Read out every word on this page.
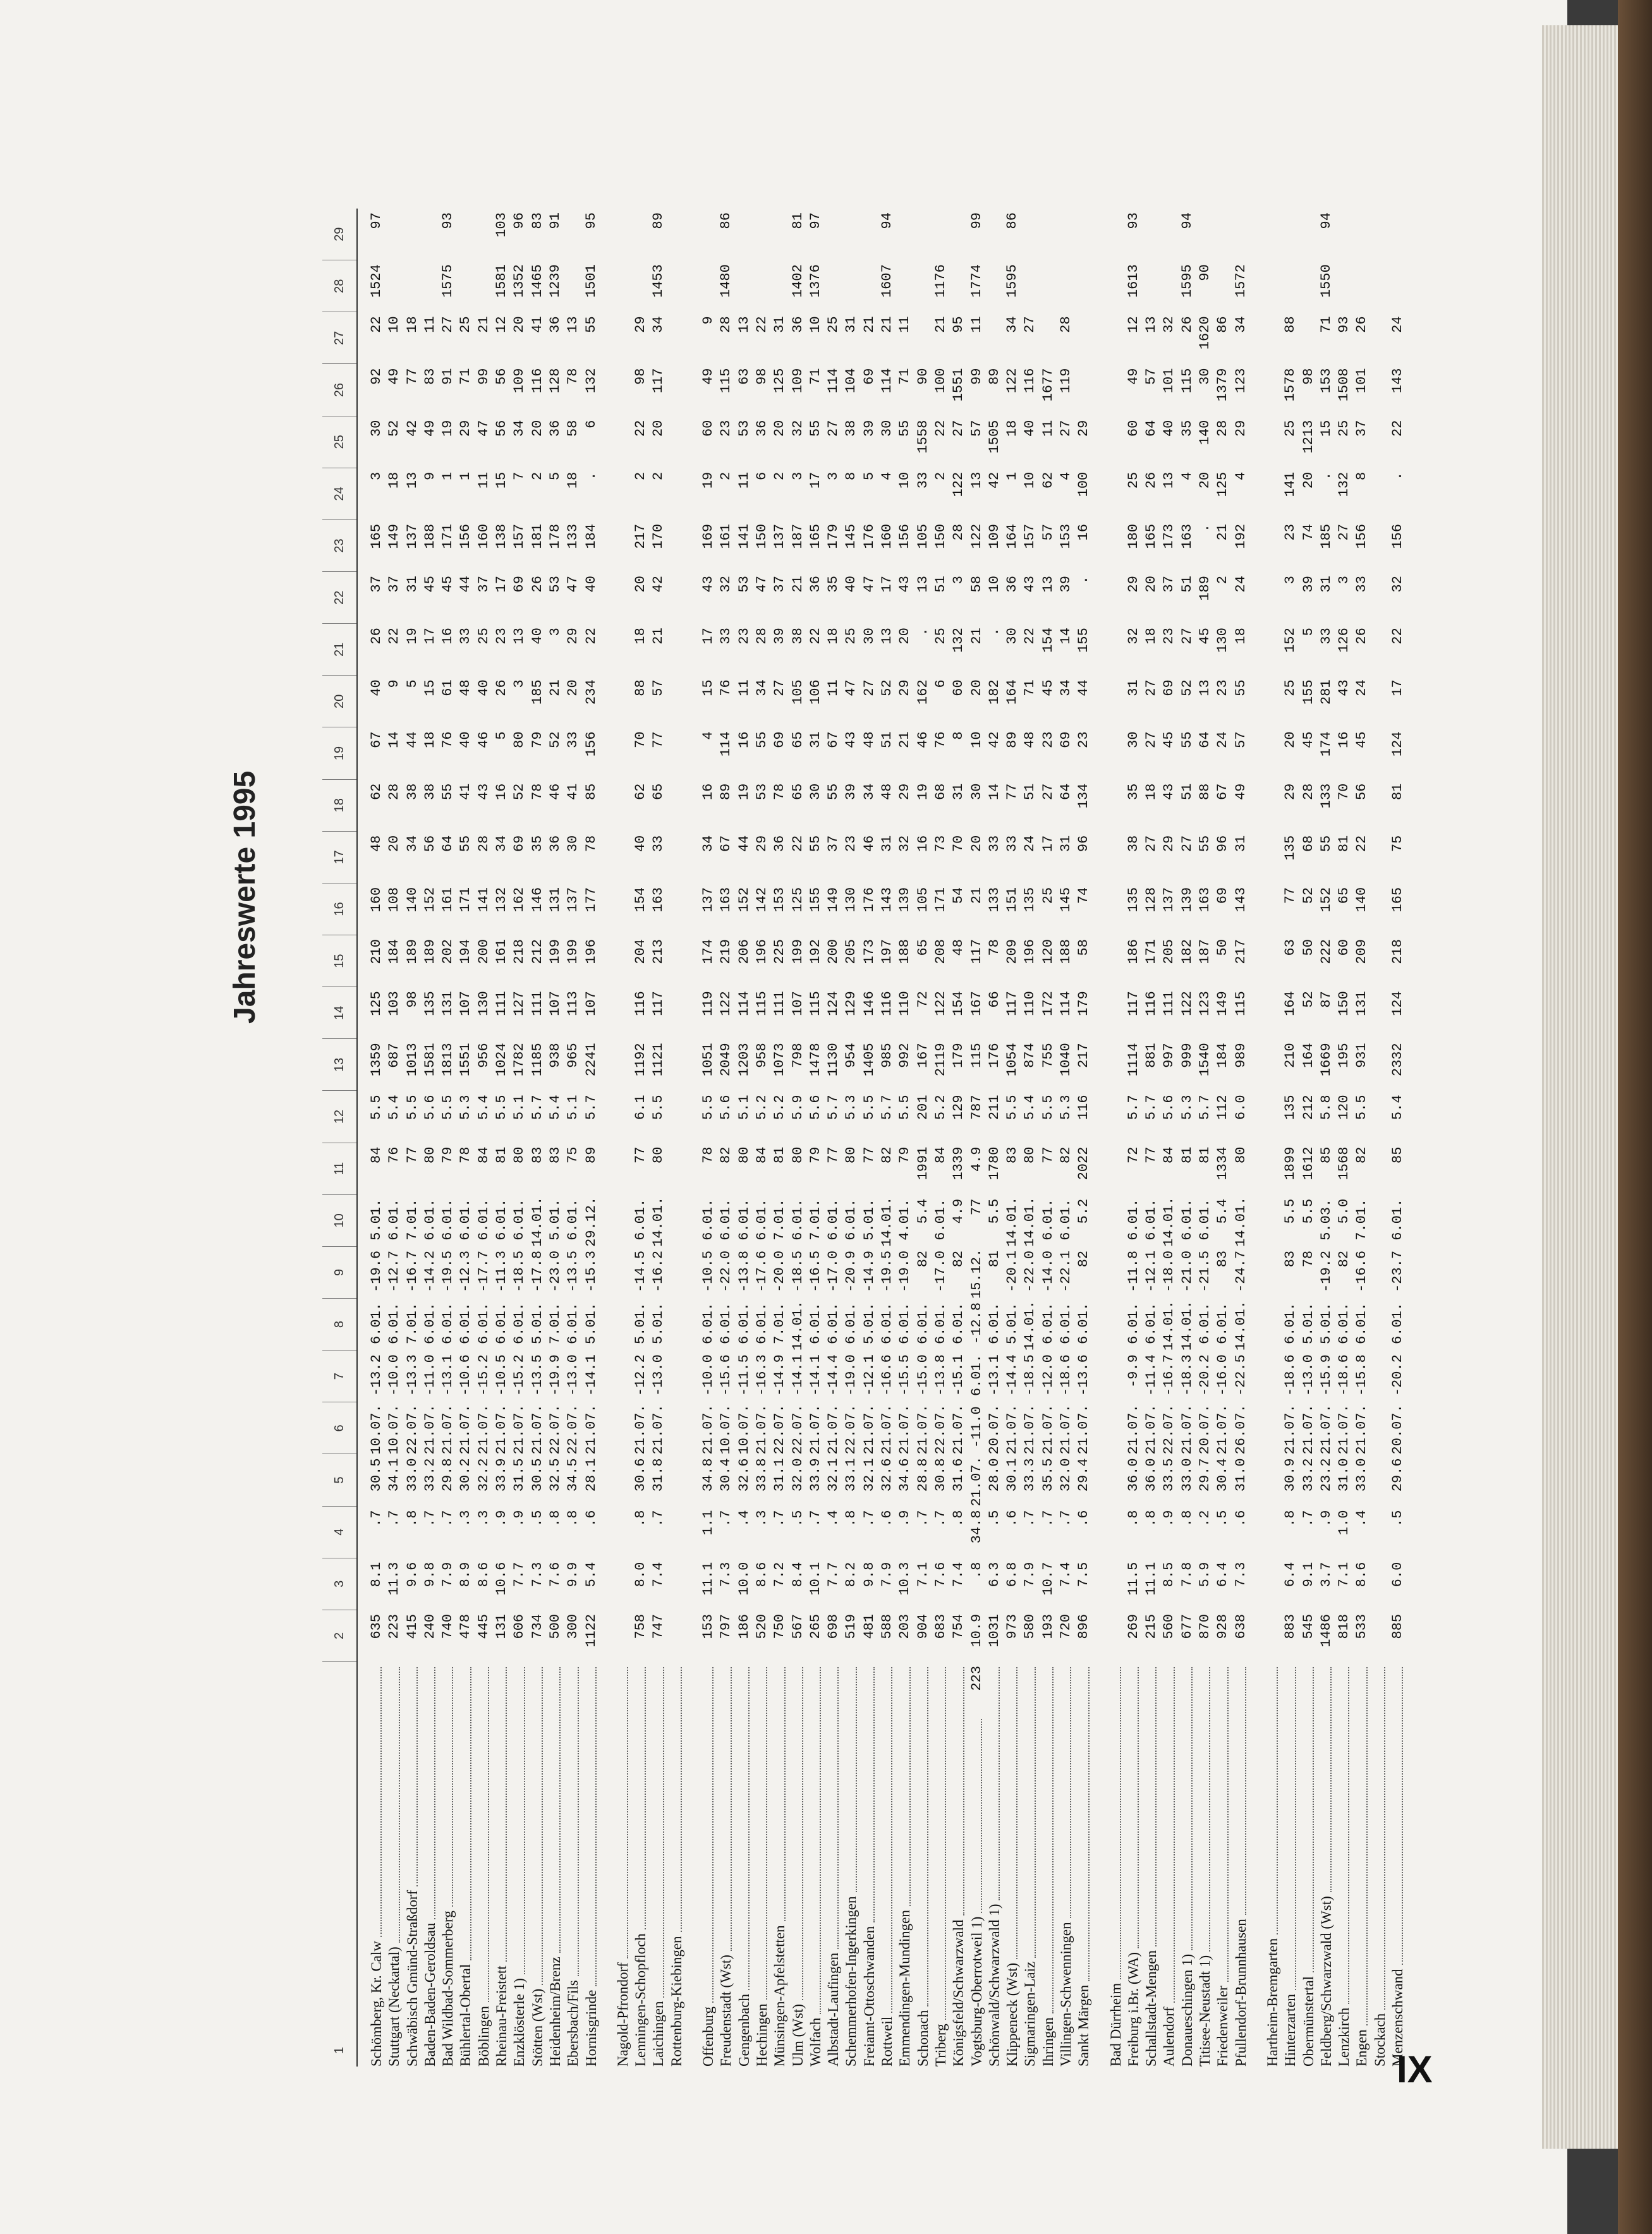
Jahreswerte 1995
1
2
3
4
5
6
7
8
9
10
11
12
13
14
15
16
17
18
19
20
21
22
23
24
25
26
27
28
29
Schömberg, Kr. Calw
635
8.1
.7
30.5
10.07.
-13.2
6.01.
-19.6
5.01.
84
5.5
1359
125
210
160
48
62
67
40
26
37
165
3
30
92
22
1524
97
Stuttgart (Neckartal)
223
11.3
.7
34.1
10.07.
-10.0
6.01.
-12.7
6.01.
76
5.4
687
103
184
108
20
28
14
9
22
37
149
18
52
49
10
Schwäbisch Gmünd-Straßdorf
415
9.6
.8
33.0
22.07.
-13.3
7.01.
-16.7
7.01.
77
5.5
1013
98
189
140
34
38
44
5
19
31
137
13
42
77
18
Baden-Baden-Geroldsau
240
9.8
.7
33.2
21.07.
-11.0
6.01.
-14.2
6.01.
80
5.6
1581
135
189
152
56
38
18
15
17
45
188
9
49
83
11
Bad Wildbad-Sommerberg
740
7.9
.7
29.8
21.07.
-13.1
6.01.
-19.5
6.01.
79
5.5
1813
131
202
161
64
55
76
61
16
45
171
1
19
91
27
1575
93
Bühlertal-Obertal
478
8.9
.3
30.2
21.07.
-10.6
6.01.
-12.3
6.01.
78
5.3
1551
107
194
171
55
41
40
48
33
44
156
1
29
71
25
Böblingen
445
8.6
.3
32.2
21.07.
-15.2
6.01.
-17.7
6.01.
84
5.4
956
130
200
141
28
43
46
40
25
37
160
11
47
99
21
Rheinau-Freistett
131
10.6
.9
33.9
21.07.
-10.5
6.01.
-11.3
6.01.
81
5.5
1024
111
161
132
34
16
5
26
23
17
138
15
56
56
12
1581
103
Enzklösterle 1)
606
7.7
.9
31.5
21.07.
-15.2
6.01.
-18.5
6.01.
80
5.1
1782
127
218
162
69
52
80
3
13
69
157
7
34
109
20
1352
96
Stötten (Wst)
734
7.3
.5
30.5
21.07.
-13.5
5.01.
-17.8
14.01.
83
5.7
1185
111
212
146
35
78
79
185
40
26
181
2
20
116
41
1465
83
Heidenheim/Brenz
500
7.6
.8
32.5
22.07.
-19.9
7.01.
-23.0
5.01.
83
5.4
938
107
199
131
36
46
52
21
3
53
178
5
36
128
36
1239
91
Ebersbach/Fils
300
9.9
.8
34.5
22.07.
-13.0
6.01.
-13.5
6.01.
75
5.1
965
113
199
137
30
41
33
20
29
47
133
18
58
78
13
Hornisgrinde
1122
5.4
.6
28.1
21.07.
-14.1
5.01.
-15.3
29.12.
89
5.7
2241
107
196
177
78
85
156
234
22
40
184
.
6
132
55
1501
95
Nagold-Pfrondorf Lenningen-Schopfloch
758
8.0
.8
30.6
21.07.
-12.2
5.01.
-14.5
6.01.
77
6.1
1192
116
204
154
40
62
70
88
18
20
217
2
22
98
29
Laichingen
747
7.4
.7
31.8
21.07.
-13.0
5.01.
-16.2
14.01.
80
5.5
1121
117
213
163
33
65
77
57
21
42
170
2
20
117
34
1453
89
Rottenburg-Kiebingen Offenburg
153
11.1
1.1
34.8
21.07.
-10.0
6.01.
-10.5
6.01.
78
5.5
1051
119
174
137
34
16
4
15
17
43
169
19
60
49
9
Freudenstadt (Wst)
797
7.3
.7
30.4
10.07.
-15.6
6.01.
-22.0
6.01.
82
5.6
2049
122
219
163
67
89
114
76
33
32
161
2
23
115
28
1480
86
Gengenbach
186
10.0
.4
32.6
10.07.
-11.5
6.01.
-13.8
6.01.
80
5.1
1203
114
206
152
44
19
16
11
23
53
141
11
53
63
13
Hechingen
520
8.6
.3
33.8
21.07.
-16.3
6.01.
-17.6
6.01.
84
5.2
958
115
196
142
29
53
55
34
28
47
150
6
36
98
22
Münsingen-Apfelstetten
750
7.2
.7
31.1
22.07.
-14.9
7.01.
-20.0
7.01.
81
5.2
1073
111
225
153
36
78
69
27
39
37
137
2
20
125
31
Ulm (Wst)
567
8.4
.5
32.0
22.07.
-14.1
14.01.
-18.5
6.01.
80
5.9
798
107
199
125
22
65
65
105
38
21
187
3
32
109
36
1402
81
Wolfach
265
10.1
.7
33.9
21.07.
-14.1
6.01.
-16.5
7.01.
79
5.6
1478
115
192
155
55
30
31
106
22
36
165
17
55
71
10
1376
97
Albstadt-Laufingen
698
7.7
.4
32.1
21.07.
-14.4
6.01.
-17.0
6.01.
77
5.7
1130
124
200
149
37
55
67
11
18
35
179
3
27
114
25
Schemmerhofen-Ingerkingen
519
8.2
.8
33.1
22.07.
-19.0
6.01.
-20.9
6.01.
80
5.3
954
129
205
130
23
39
43
47
25
40
145
8
38
104
31
Freiamt-Ottoschwanden
481
9.8
.7
32.1
21.07.
-12.1
5.01.
-14.9
5.01.
77
5.5
1405
146
173
176
46
34
48
27
30
47
176
5
39
69
21
Rottweil
588
7.9
.6
32.6
21.07.
-16.6
6.01.
-19.5
14.01.
82
5.7
985
116
197
143
31
48
51
52
13
17
160
4
30
114
21
1607
94
Emmendingen-Mundingen
203
10.3
.9
34.6
21.07.
-15.5
6.01.
-19.0
4.01.
79
5.5
992
110
188
139
32
29
21
29
20
43
156
10
55
71
11
Schonach
904
7.1
.7
28.8
21.07.
-15.0
6.01.
82
5.4
1991
201
167
72
65
105
16
19
46
162
.
13
105
33
1558
90
Triberg
683
7.6
.7
30.8
22.07.
-13.8
6.01.
-17.0
6.01.
84
5.2
2119
122
208
171
73
68
76
6
25
51
150
2
22
100
21
1176
Königsfeld/Schwarzwald
754
7.4
.8
31.6
21.07.
-15.1
6.01.
82
4.9
1339
129
179
154
48
54
70
31
8
60
132
3
28
122
27
1551
95
Vogtsburg-Oberrotweil 1)
223
10.9
.8
34.8
21.07.
-11.0
6.01.
-12.8
15.12.
77
4.9
787
115
167
117
21
20
30
10
20
21
58
122
13
57
99
11
1774
99
Schönwald/Schwarzwald 1)
1031
6.3
.5
28.0
20.07.
-13.1
6.01.
81
5.5
1780
211
176
66
78
133
33
14
42
182
.
10
109
42
1505
89
Klippeneck (Wst)
973
6.8
.6
30.1
21.07.
-14.4
5.01.
-20.1
14.01.
83
5.5
1054
117
209
151
33
77
89
164
30
36
164
1
18
122
34
1595
86
Sigmaringen-Laiz
580
7.9
.7
33.3
21.07.
-18.5
14.01.
-22.0
14.01.
80
5.4
874
110
196
135
24
51
48
71
22
43
157
10
40
116
27
Ihringen
193
10.7
.7
35.5
21.07.
-12.0
6.01.
-14.0
6.01.
77
5.5
755
172
120
25
17
27
23
45
154
13
57
62
11
1677
Villingen-Schwenningen
720
7.4
.7
32.0
21.07.
-18.6
6.01.
-22.1
6.01.
82
5.3
1040
114
188
145
31
64
69
34
14
39
153
4
27
119
28
Sankt Märgen
896
7.5
.6
29.4
21.07.
-13.6
6.01.
82
5.2
2022
116
217
179
58
74
96
134
23
44
155
.
16
100
29
Bad Dürrheim Freiburg i.Br. (WA)
269
11.5
.8
36.0
21.07.
-9.9
6.01.
-11.8
6.01.
72
5.7
1114
117
186
135
38
35
30
31
32
29
180
25
60
49
12
1613
93
Schallstadt-Mengen
215
11.1
.8
36.0
21.07.
-11.4
6.01.
-12.1
6.01.
77
5.7
881
116
171
128
27
18
27
27
18
20
165
26
64
57
13
Aulendorf
560
8.5
.9
33.5
22.07.
-16.7
14.01.
-18.0
14.01.
84
5.6
997
111
205
137
29
43
45
69
23
37
173
13
40
101
32
Donaueschingen 1)
677
7.8
.8
33.0
21.07.
-18.3
14.01.
-21.0
6.01.
81
5.3
999
122
182
139
27
51
55
52
27
51
163
4
35
115
26
1595
94
Titisee-Neustadt 1)
870
5.9
.2
29.7
20.07.
-20.2
6.01.
-21.5
6.01.
81
5.7
1540
123
187
163
55
88
64
13
45
189
.
20
140
30
1620
90
Friedenweiler
928
6.4
.5
30.4
21.07.
-16.0
6.01.
83
5.4
1334
112
184
149
50
69
96
67
24
23
130
2
21
125
28
1379
86
Pfullendorf-Brunnhausen
638
7.3
.6
31.0
26.07.
-22.5
14.01.
-24.7
14.01.
80
6.0
989
115
217
143
31
49
57
55
18
24
192
4
29
123
34
1572
Hartheim-Bremgarten Hinterzarten
883
6.4
.8
30.9
21.07.
-18.6
6.01.
83
5.5
1899
135
210
164
63
77
135
29
20
25
152
3
23
141
25
1578
88
Obermünstertal
545
9.1
.7
33.2
21.07.
-13.0
5.01.
78
5.5
1612
212
164
52
50
52
68
28
45
155
5
39
74
20
1213
98
Feldberg/Schwarzwald (Wst)
1486
3.7
.9
23.2
21.07.
-15.9
5.01.
-19.2
5.03.
85
5.8
1669
87
222
152
55
133
174
281
33
31
185
.
15
153
71
1550
94
Lenzkirch
818
7.1
1.0
31.0
21.07.
-18.6
6.01.
82
5.0
1568
120
195
150
60
65
81
70
16
43
126
3
27
132
25
1508
93
Engen
533
8.6
.4
33.0
21.07.
-15.8
6.01.
-16.6
7.01.
82
5.5
931
131
209
140
22
56
45
24
26
33
156
8
37
101
26
Stockach Menzenschwand
885
6.0
.5
29.6
20.07.
-20.2
6.01.
-23.7
6.01.
85
5.4
2332
124
218
165
75
81
124
17
22
32
156
.
22
143
24
IX
